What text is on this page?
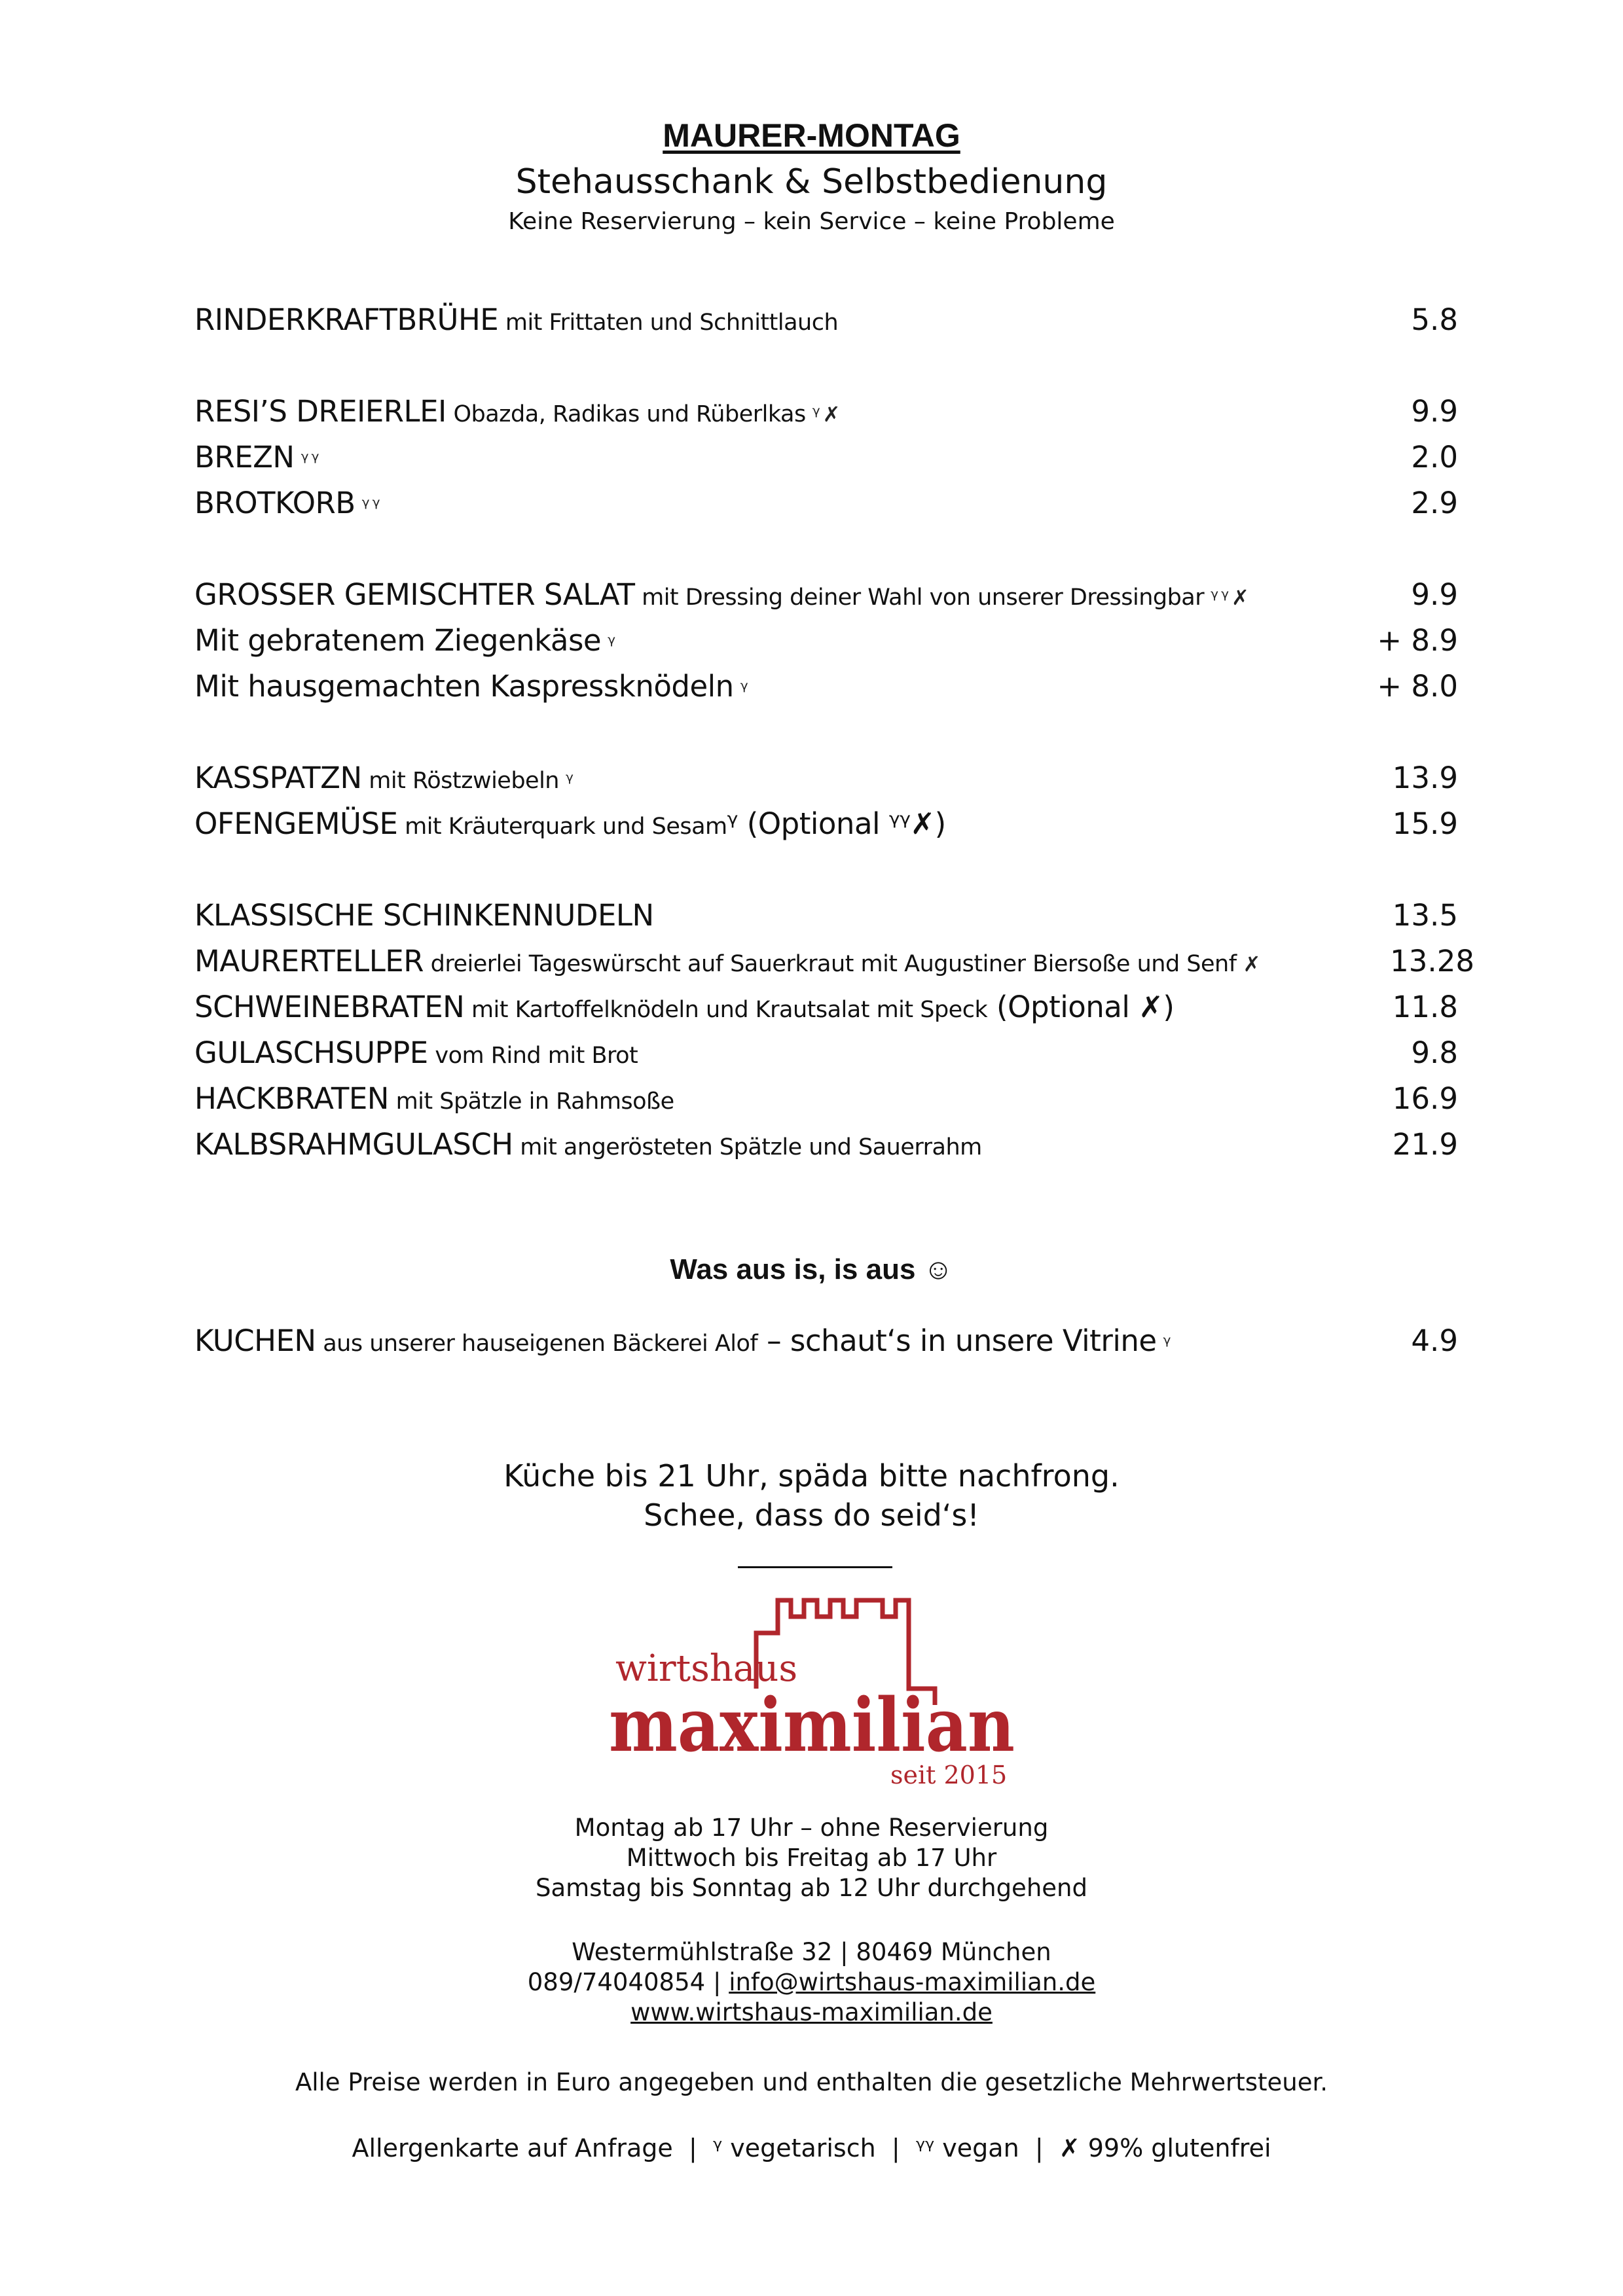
MAURER-MONTAG
Stehausschank & Selbstbedienung
Keine Reservierung – kein Service – keine Probleme
RINDERKRAFTBRÜHE mit Frittaten und Schnittlauch	5.8
RESI’S DREIERLEI Obazda, Radikas und Rüberlkas ᵞ✗	9.9
BREZN ᵞᵞ	2.0
BROTKORB ᵞᵞ	2.9
GROSSER GEMISCHTER SALAT mit Dressing deiner Wahl von unserer Dressingbar ᵞᵞ✗	9.9
Mit gebratenem Ziegenkäse ᵞ	+ 8.9
Mit hausgemachten Kaspressknödeln ᵞ	+ 8.0
KASSPATZN mit Röstzwiebeln ᵞ	13.9
OFENGEMÜSE mit Kräuterquark und Sesamᵞ (Optional ᵞᵞ✗)	15.9
KLASSISCHE SCHINKENNUDELN	13.5
MAURERTELLER dreierlei Tageswürscht auf Sauerkraut mit Augustiner Biersoße und Senf ✗	13.28
SCHWEINEBRATEN mit Kartoffelknödeln und Krautsalat mit Speck (Optional ✗)	11.8
GULASCHSUPPE vom Rind mit Brot	9.8
HACKBRATEN mit Spätzle in Rahmsoße	16.9
KALBSRAHMGULASCH mit angerösteten Spätzle und Sauerrahm	21.9
Was aus is, is aus ☺
KUCHEN aus unserer hauseigenen Bäckerei Alof – schaut‘s in unsere Vitrine ᵞ	4.9
Küche bis 21 Uhr, späda bitte nachfrong.
Schee, dass do seid‘s!
wirtshaus
maximilian
seit 2015
Montag ab 17 Uhr – ohne Reservierung
Mittwoch bis Freitag ab 17 Uhr
Samstag bis Sonntag ab 12 Uhr durchgehend
Westermühlstraße 32 | 80469 München
089/74040854 | info@wirtshaus-maximilian.de
www.wirtshaus-maximilian.de
Alle Preise werden in Euro angegeben und enthalten die gesetzliche Mehrwertsteuer.
Allergenkarte auf Anfrage  |  ᵞ vegetarisch  |  ᵞᵞ vegan  |  ✗ 99% glutenfrei
